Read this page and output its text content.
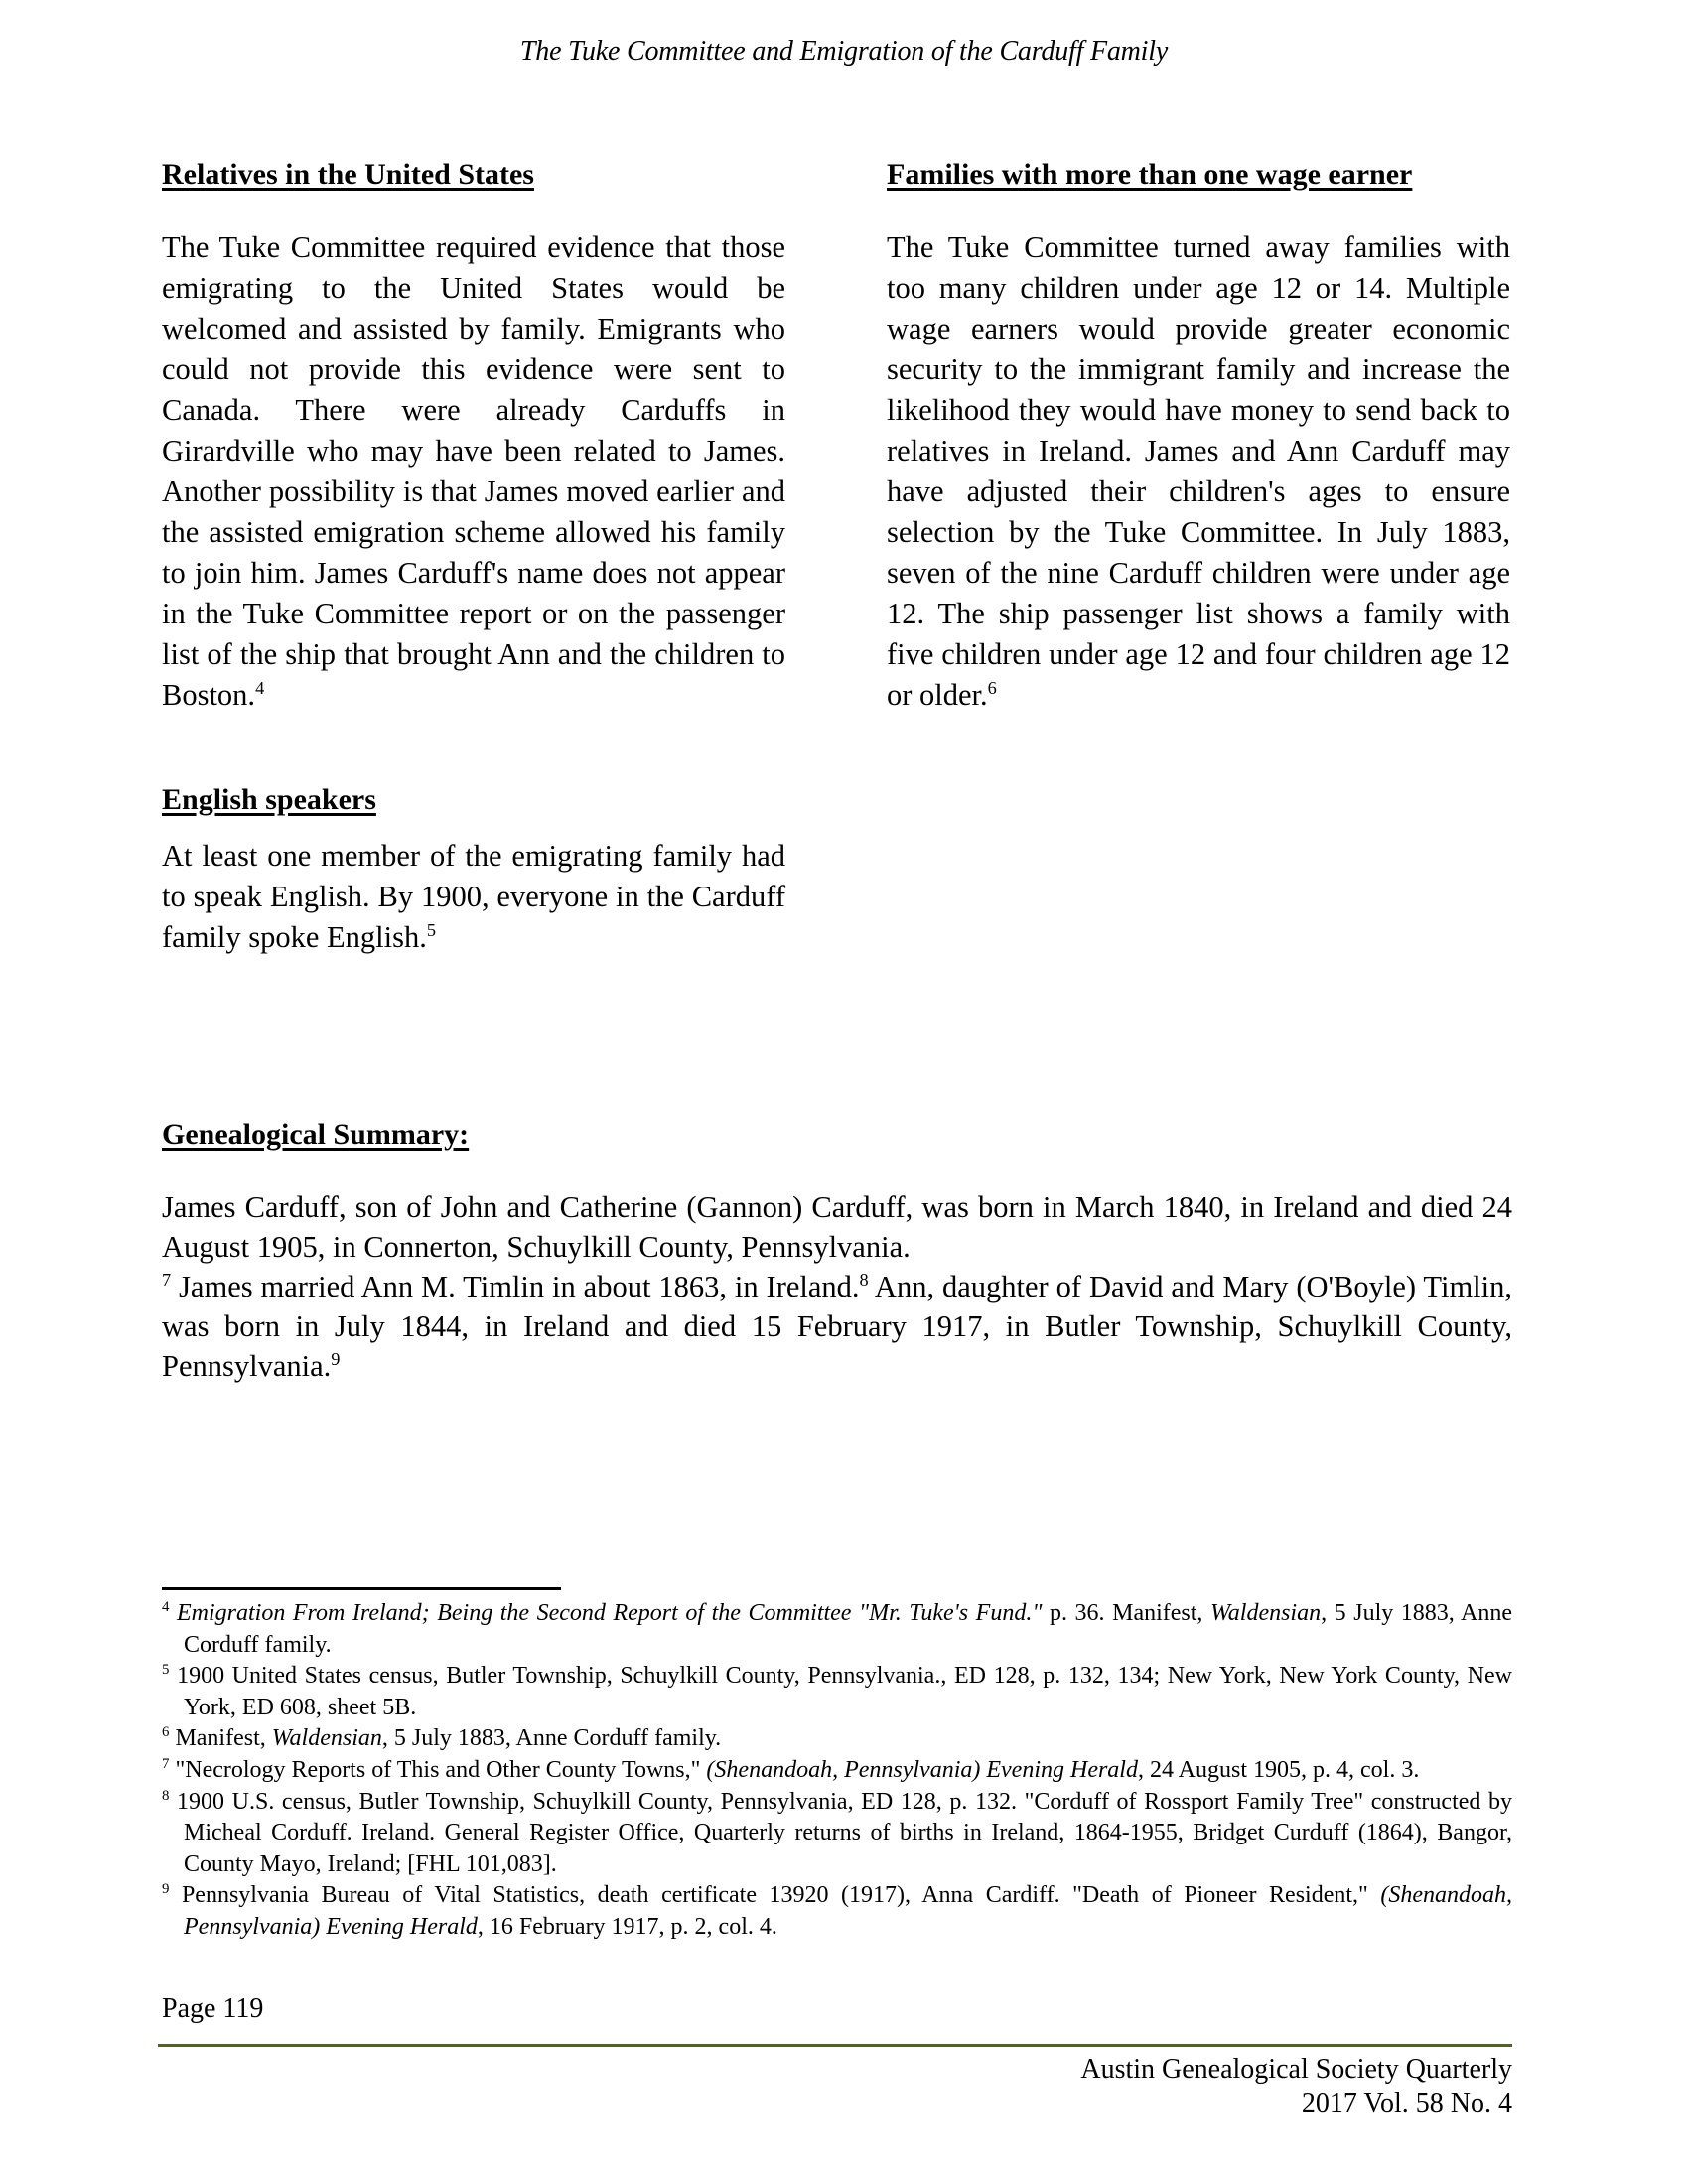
The Tuke Committee and Emigration of the Carduff Family
Relatives in the United States

The Tuke Committee required evidence that those emigrating to the United States would be welcomed and assisted by family. Emigrants who could not provide this evidence were sent to Canada. There were already Carduffs in Girardville who may have been related to James. Another possibility is that James moved earlier and the assisted emigration scheme allowed his family to join him. James Carduff's name does not appear in the Tuke Committee report or on the passenger list of the ship that brought Ann and the children to Boston.$^4$

Families with more than one wage earner

The Tuke Committee turned away families with too many children under age 12 or 14. Multiple wage earners would provide greater economic security to the immigrant family and increase the likelihood they would have money to send back to relatives in Ireland. James and Ann Carduff may have adjusted their children's ages to ensure selection by the Tuke Committee. In July 1883, seven of the nine Carduff children were under age 12. The ship passenger list shows a family with five children under age 12 and four children age 12 or older.$^6$

English speakers

At least one member of the emigrating family had to speak English. By 1900, everyone in the Carduff family spoke English.$^5$

Genealogical Summary:

James Carduff, son of John and Catherine (Gannon) Carduff, was born in March 1840, in Ireland and died 24 August 1905, in Connerton, Schuylkill County, Pennsylvania.

$^7$ James married Ann M. Timlin in about 1863, in Ireland.$^8$ Ann, daughter of David and Mary (O'Boyle) Timlin, was born in July 1844, in Ireland and died 15 February 1917, in Butler Township, Schuylkill County, Pennsylvania.$^9$

$^4$ Emigration From Ireland; Being the Second Report of the Committee "Mr. Tuke's Fund." p. 36. Manifest, Waldensian, 5 July 1883, Anne Corduff family.

$^5$ 1900 United States census, Butler Township, Schuylkill County, Pennsylvania., ED 128, p. 132, 134; New York, New York County, New York, ED 608, sheet 5B.

$^6$ Manifest, Waldensian, 5 July 1883, Anne Corduff family.

$^7$ "Necrology Reports of This and Other County Towns," (Shenandoah, Pennsylvania) Evening Herald, 24 August 1905, p. 4, col. 3.

$^8$ 1900 U.S. census, Butler Township, Schuylkill County, Pennsylvania, ED 128, p. 132. "Corduff of Rossport Family Tree" constructed by Micheal Corduff. Ireland. General Register Office, Quarterly returns of births in Ireland, 1864-1955, Bridget Curduff (1864), Bangor, County Mayo, Ireland; [FHL 101,083].

$^9$ Pennsylvania Bureau of Vital Statistics, death certificate 13920 (1917), Anna Cardiff. "Death of Pioneer Resident," (Shenandoah, Pennsylvania) Evening Herald, 16 February 1917, p. 2, col. 4.

Page 119
Austin Genealogical Society Quarterly
2017 Vol. 58 No. 4
